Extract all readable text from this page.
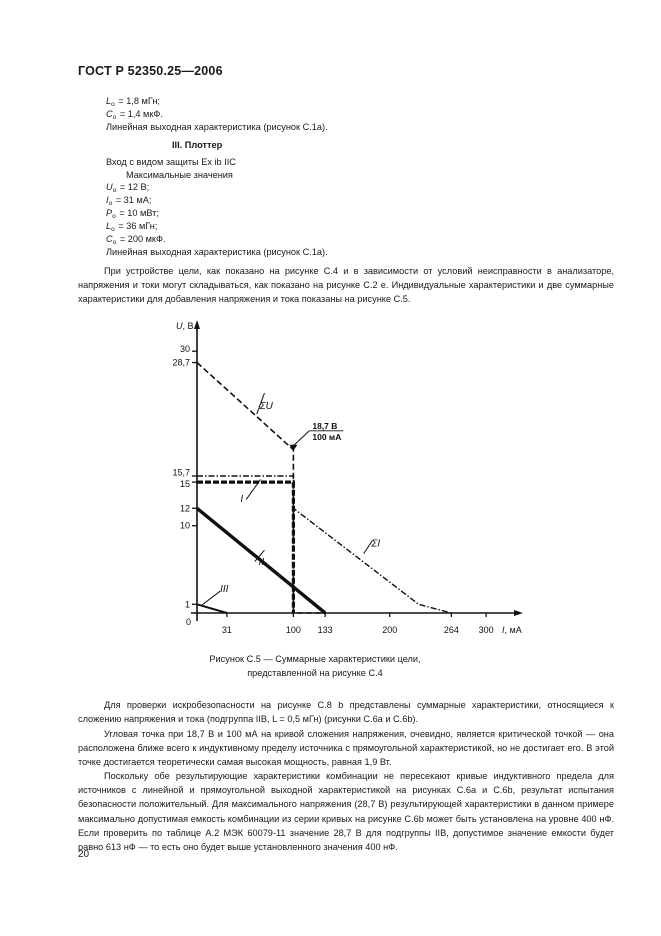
ГОСТ Р 52350.25—2006
$L_o = 1,8$ мГн;
$C_o = 1,4$ мкФ.
Линейная выходная характеристика (рисунок С.1а).
III. Плоттер
Вход с видом защиты Ex ib IIC
Максимальные значения
$U_o = 12$ В;
$I_o = 31$ мА;
$P_o = 10$ мВт;
$L_o = 36$ мГн;
$C_o = 200$ мкФ.
Линейная выходная характеристика (рисунок С.1а).
При устройстве цели, как показано на рисунке С.4 и в зависимости от условий неисправности в анализаторе, напряжения и токи могут складываться, как показано на рисунке С.2 е. Индивидуальные характеристики и две суммарные характеристики для добавления напряжения и тока показаны на рисунке С.5.
U, В
I, мА
0
1
10
12
15
15,7
28,7
30
31	100 133	200	264 300
I
II
III
ΣU
ΣI
18,7 В
100 мА
Рисунок С.5 — Суммарные характеристики цели,
представленной на рисунке С.4
Для проверки искробезопасности на рисунке С.8 b представлены суммарные характеристики, относящиеся к сложению напряжения и тока (подгруппа IIB, L = 0,5 мГн) (рисунки С.6а и С.6b).
Угловая точка при 18,7 В и 100 мА на кривой сложения напряжения, очевидно, является критической точкой — она расположена ближе всего к индуктивному пределу источника с прямоугольной характеристикой, но не достигает его. В этой точке достигается теоретически самая высокая мощность, равная 1,9 Вт.
Поскольку обе результирующие характеристики комбинации не пересекают кривые индуктивного предела для источников с линейной и прямоугольной выходной характеристикой на рисунках С.6а и С.6b, результат испытания безопасности положительный. Для максимального напряжения (28,7 В) результирующей характеристики в данном примере максимально допустимая емкость комбинации из серии кривых на рисунке С.6b может быть установлена на уровне 400 нФ. Если проверить по таблице А.2 МЭК 60079-11 значение 28,7 В для подгруппы IIB, допустимое значение емкости будет равно 613 нФ — то есть оно будет выше установленного значения 400 нФ.
20
